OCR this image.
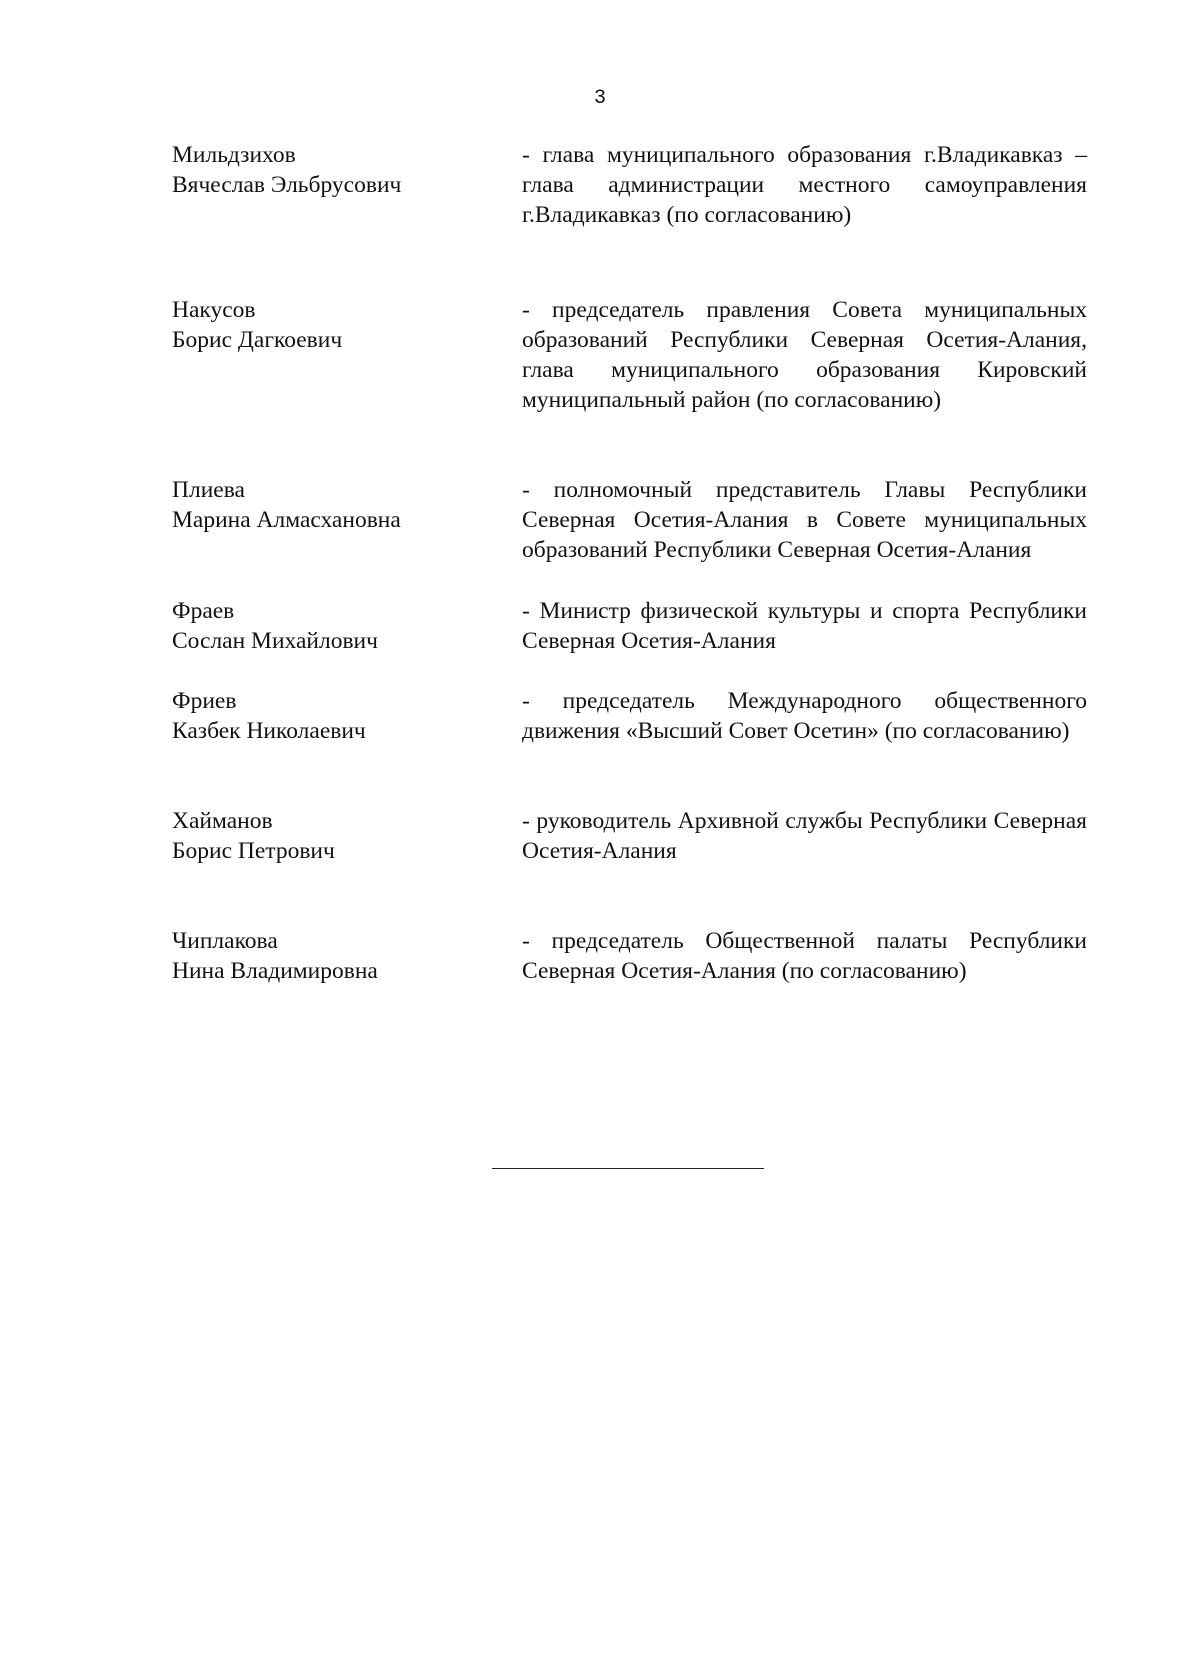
3
Мильдзихов
Вячеслав Эльбрусович
- глава муниципального образования г.Владикавказ – глава администрации местного самоуправления г.Владикавказ (по согласованию)
Накусов
Борис Дагкоевич
- председатель правления Совета муниципальных образований Республики Северная Осетия-Алания, глава муниципального образования Кировский муниципальный район (по согласованию)
Плиева
Марина Алмасхановна
- полномочный представитель Главы Республики Северная Осетия-Алания в Совете муниципальных образований Республики Северная Осетия-Алания
Фраев
Сослан Михайлович
- Министр физической культуры и спорта Республики Северная Осетия-Алания
Фриев
Казбек Николаевич
- председатель Международного общественного движения «Высший Совет Осетин» (по согласованию)
Хайманов
Борис Петрович
- руководитель Архивной службы Республики Северная Осетия-Алания
Чиплакова
Нина Владимировна
- председатель Общественной палаты Республики Северная Осетия-Алания (по согласованию)
